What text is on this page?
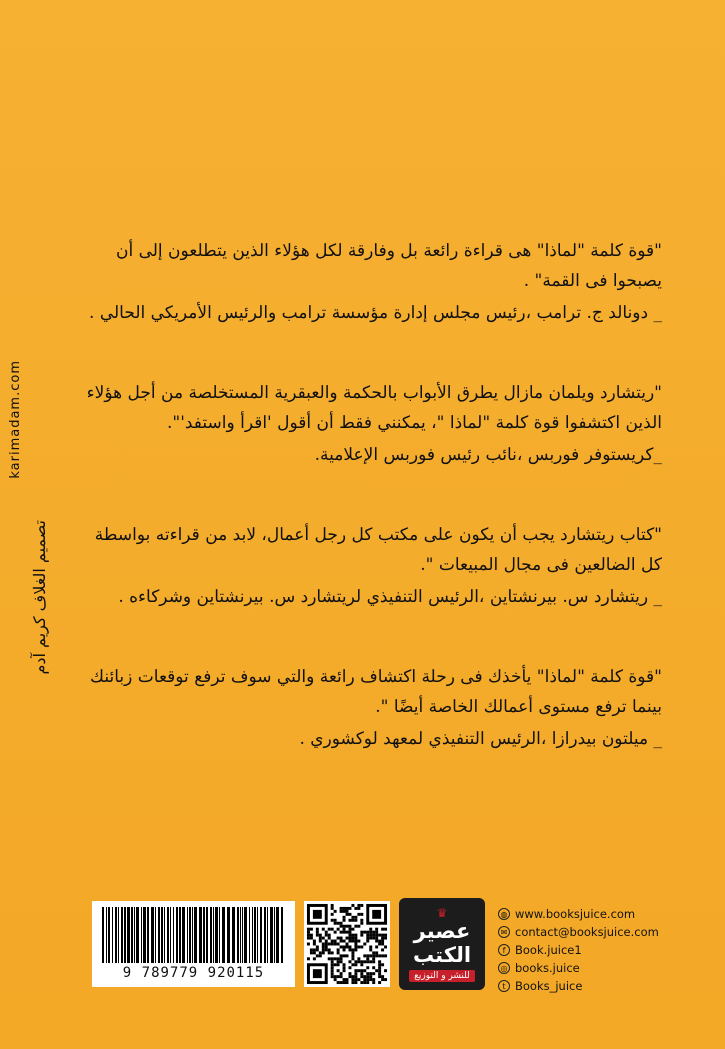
"قوة كلمة "لماذا" هى قراءة رائعة بل وفارقة لكل هؤلاء الذين يتطلعون إلى أن يصبحوا فى القمة" .

_ دونالد ج. ترامب ،رئيس مجلس إدارة مؤسسة ترامب والرئيس الأمريكي الحالي .

"ريتشارد ويلمان مازال يطرق الأبواب بالحكمة والعبقرية المستخلصة من أجل هؤلاء الذين اكتشفوا قوة كلمة "لماذا "، يمكنني فقط أن أقول 'اقرأ واستفد'".

_كريستوفر فوربس ،نائب رئيس فوربس الإعلامية.

"كتاب ريتشارد يجب أن يكون على مكتب كل رجل أعمال، لابد من قراءته بواسطة كل الضالعين فى مجال المبيعات ".

_ ريتشارد س. بيرنشتاين ،الرئيس التنفيذي لريتشارد س. بيرنشتاين وشركاءه .

"قوة كلمة "لماذا" يأخذك فى رحلة اكتشاف رائعة والتي سوف ترفع توقعات زبائنك بينما ترفع مستوى أعمالك الخاصة أيضًا ".

_ ميلتون بيدرازا ،الرئيس التنفيذي لمعهد لوكشوري .

karimadam.com
تصميم الغلاف كريم آدم
9 789779 920115
♛
عصير
الكتب
للنشر و التوزيع
◍ www.booksjuice.com
✉ contact@booksjuice.com
f Book.juice1
◎ books.juice
t Books_juice
